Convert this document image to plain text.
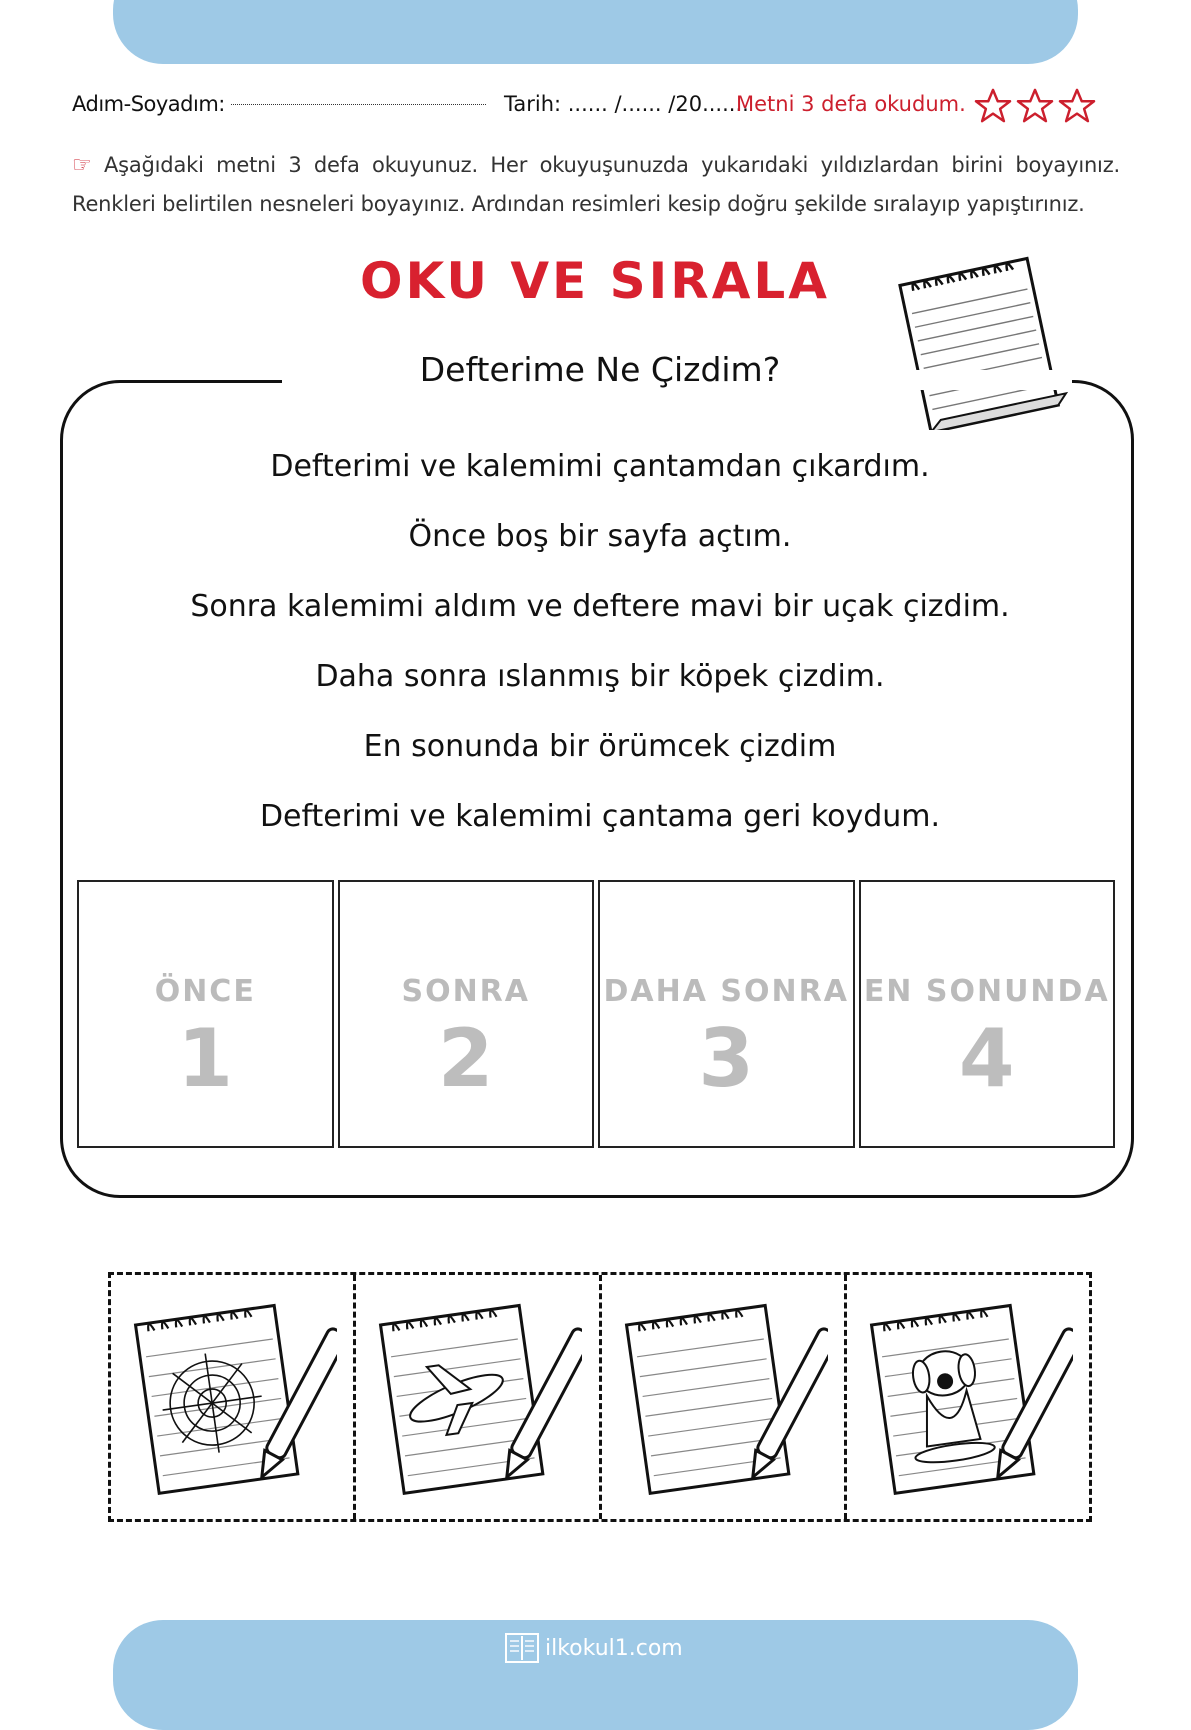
Adım-Soyadım:	Tarih: ...... /...... /20.......
Metni 3 defa okudum.
☞ Aşağıdaki metni 3 defa okuyunuz. Her okuyuşunuzda yukarıdaki yıldızlardan birini boyayınız. Renkleri belirtilen nesneleri boyayınız. Ardından resimleri kesip doğru şekilde sıralayıp yapıştırınız.
OKU VE SIRALA
Defterime Ne Çizdim?
Defterimi ve kalemimi çantamdan çıkardım.
Önce boş bir sayfa açtım.
Sonra kalemimi aldım ve deftere mavi bir uçak çizdim.
Daha sonra ıslanmış bir köpek çizdim.
En sonunda bir örümcek çizdim
Defterimi ve kalemimi çantama geri koydum.
ÖNCE
1
SONRA
2
DAHA SONRA
3
EN SONUNDA
4
ilkokul1.com
